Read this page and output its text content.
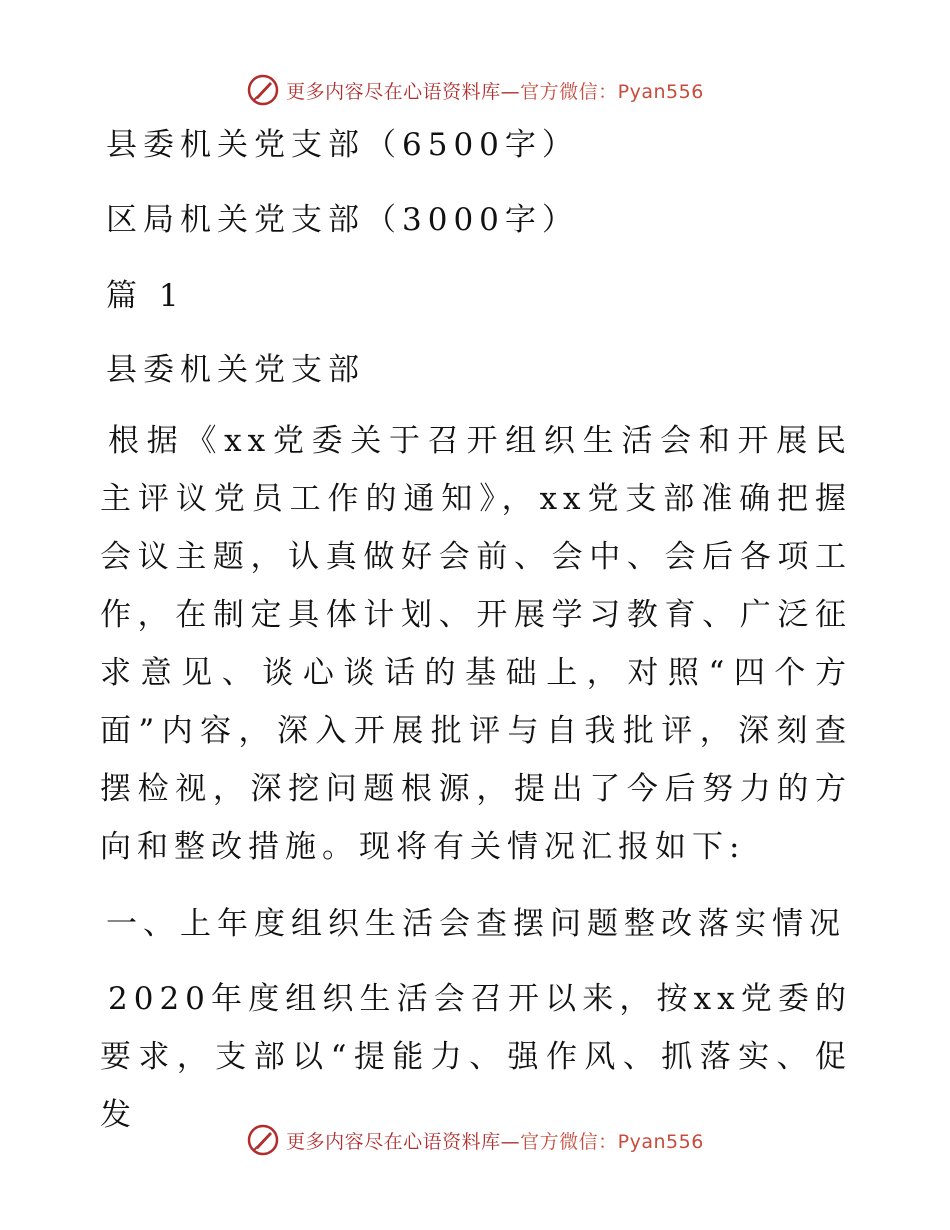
更多内容尽在心语资料库—官方微信：Pyan556
县委机关党支部（6500字）
区局机关党支部（3000字）
篇 1
县委机关党支部
根据《xx党委关于召开组织生活会和开展民主评议党员工作的通知》，xx党支部准确把握会议主题，认真做好会前、会中、会后各项工作，在制定具体计划、开展学习教育、广泛征求意见、谈心谈话的基础上，对照“四个方面”内容，深入开展批评与自我批评，深刻查摆检视，深挖问题根源，提出了今后努力的方向和整改措施。现将有关情况汇报如下:
一、上年度组织生活会查摆问题整改落实情况
2020年度组织生活会召开以来，按xx党委的要求，支部以“提能力、强作风、抓落实、促发
更多内容尽在心语资料库—官方微信：Pyan556
